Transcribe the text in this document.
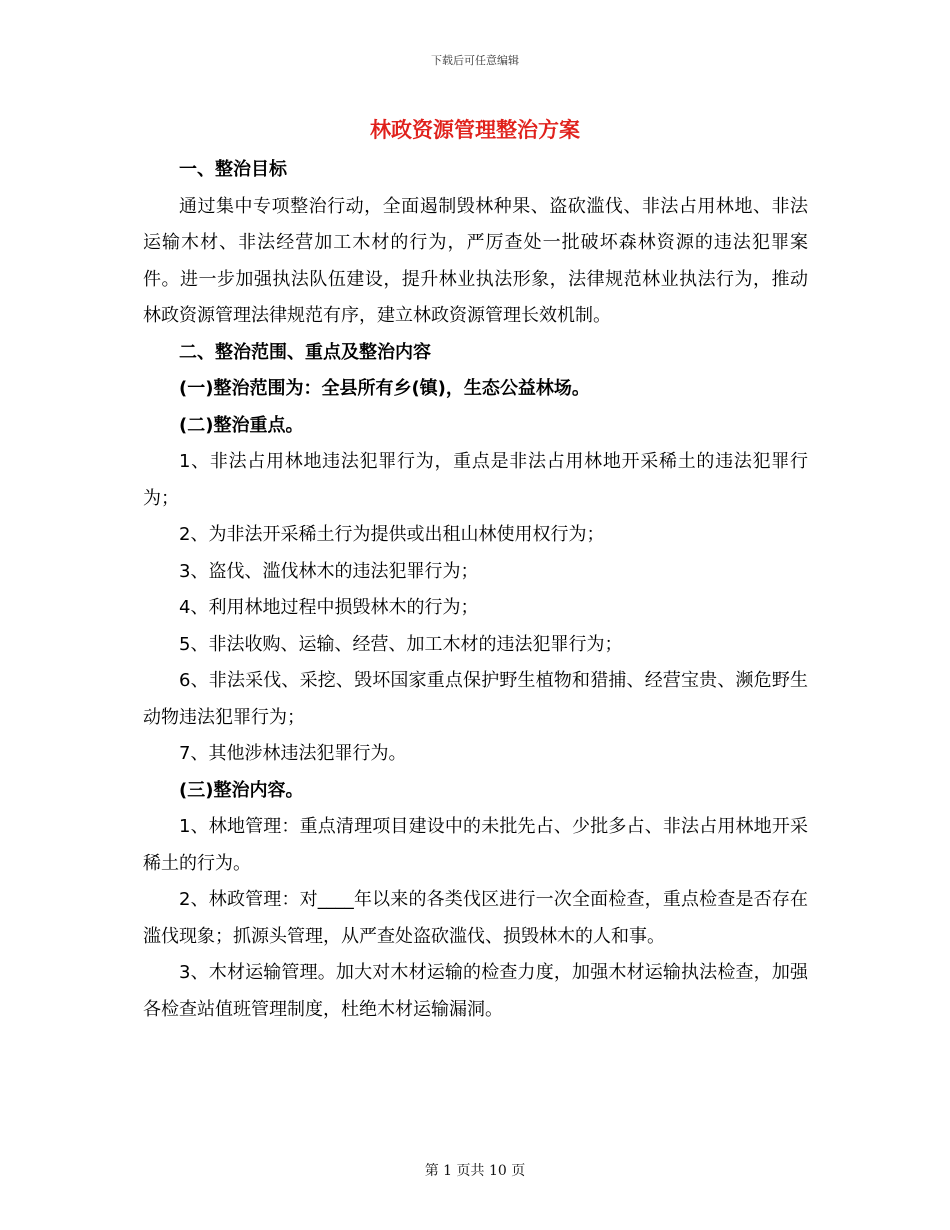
下载后可任意编辑
林政资源管理整治方案

一、整治目标

通过集中专项整治行动，全面遏制毁林种果、盗砍滥伐、非法占用林地、非法运输木材、非法经营加工木材的行为，严厉查处一批破坏森林资源的违法犯罪案件。进一步加强执法队伍建设，提升林业执法形象，法律规范林业执法行为，推动林政资源管理法律规范有序，建立林政资源管理长效机制。

二、整治范围、重点及整治内容

(一)整治范围为：全县所有乡(镇)，生态公益林场。

(二)整治重点。

1、非法占用林地违法犯罪行为，重点是非法占用林地开采稀土的违法犯罪行为；

2、为非法开采稀土行为提供或出租山林使用权行为；

3、盗伐、滥伐林木的违法犯罪行为；

4、利用林地过程中损毁林木的行为；

5、非法收购、运输、经营、加工木材的违法犯罪行为；

6、非法采伐、采挖、毁坏国家重点保护野生植物和猎捕、经营宝贵、濒危野生动物违法犯罪行为；

7、其他涉林违法犯罪行为。

(三)整治内容。

1、林地管理：重点清理项目建设中的未批先占、少批多占、非法占用林地开采稀土的行为。

2、林政管理：对____年以来的各类伐区进行一次全面检查，重点检查是否存在滥伐现象；抓源头管理，从严查处盗砍滥伐、损毁林木的人和事。

3、木材运输管理。加大对木材运输的检查力度，加强木材运输执法检查，加强各检查站值班管理制度，杜绝木材运输漏洞。

第 1 页共 10 页
